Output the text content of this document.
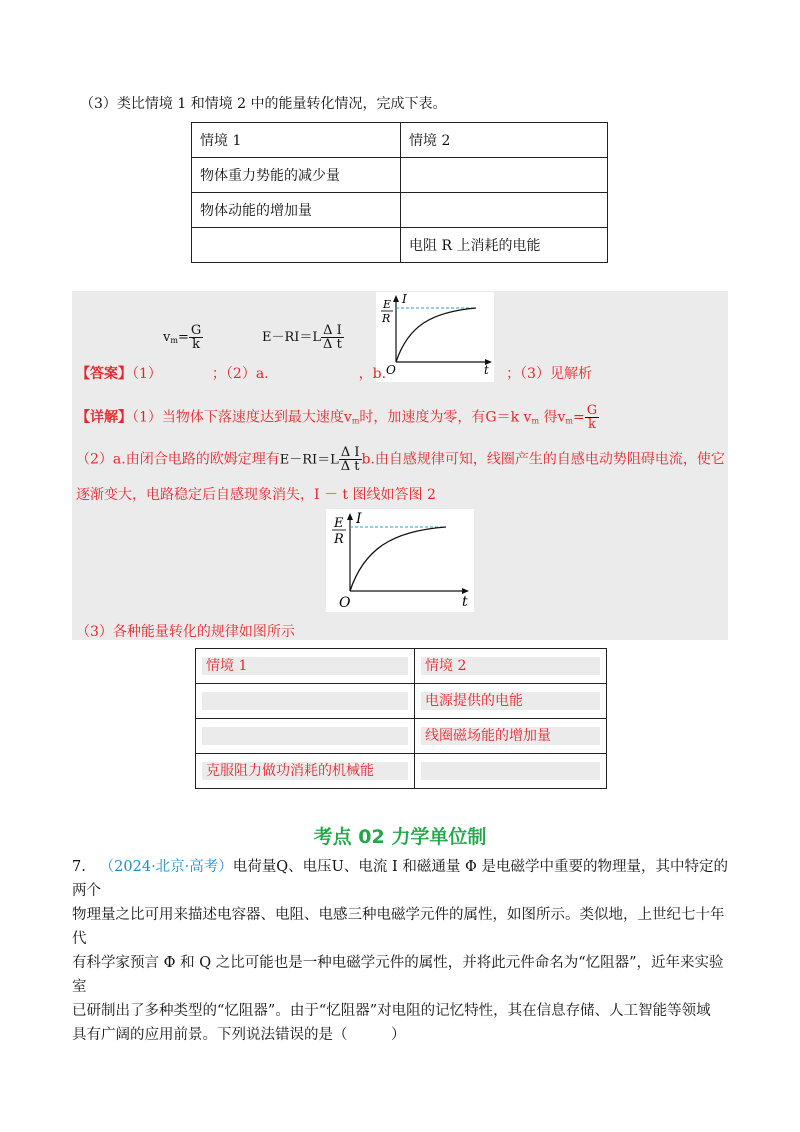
（3）类比情境 1 和情境 2 中的能量转化情况，完成下表。
情境 1	情境 2
物体重力势能的减少量	
物体动能的增加量	
	电阻 R 上消耗的电能
$v_m= \frac{G}{k}$	$E-RI=L \frac{\text{Δ I}}{\text{Δ t}}$
I
E
R
O	t
【答案】（1）	；（2）a.	，b.	；（3）见解析
【详解】（1）当物体下落速度达到最大速度$v_m$时，加速度为零，有G＝k $v_m$ 得$v_m= \frac{G}{k}$
（2）a.由闭合电路的欧姆定理有$E-RI=L \frac{\text{Δ I}}{\text{Δ t}} b$.由自感规律可知，线圈产生的自感电动势阻碍电流，使它
逐渐变大，电路稳定后自感现象消失，I － t 图线如答图 2
I
E
R
O	t
（3）各种能量转化的规律如图所示
情境 1	情境 2

	电源提供的电能

	线圈磁场能的增加量

克服阻力做功消耗的机械能	

考点 02 力学单位制
7. （2024·北京·高考）电荷量Q、电压U、电流 I 和磁通量 Φ 是电磁学中重要的物理量，其中特定的两个
物理量之比可用来描述电容器、电阻、电感三种电磁学元件的属性，如图所示。类似地，上世纪七十年代
有科学家预言 Φ 和 Q 之比可能也是一种电磁学元件的属性，并将此元件命名为“忆阻器”，近年来实验室
已研制出了多种类型的“忆阻器”。由于“忆阻器”对电阻的记忆特性，其在信息存储、人工智能等领域
具有广阔的应用前景。下列说法错误的是（　　　）
